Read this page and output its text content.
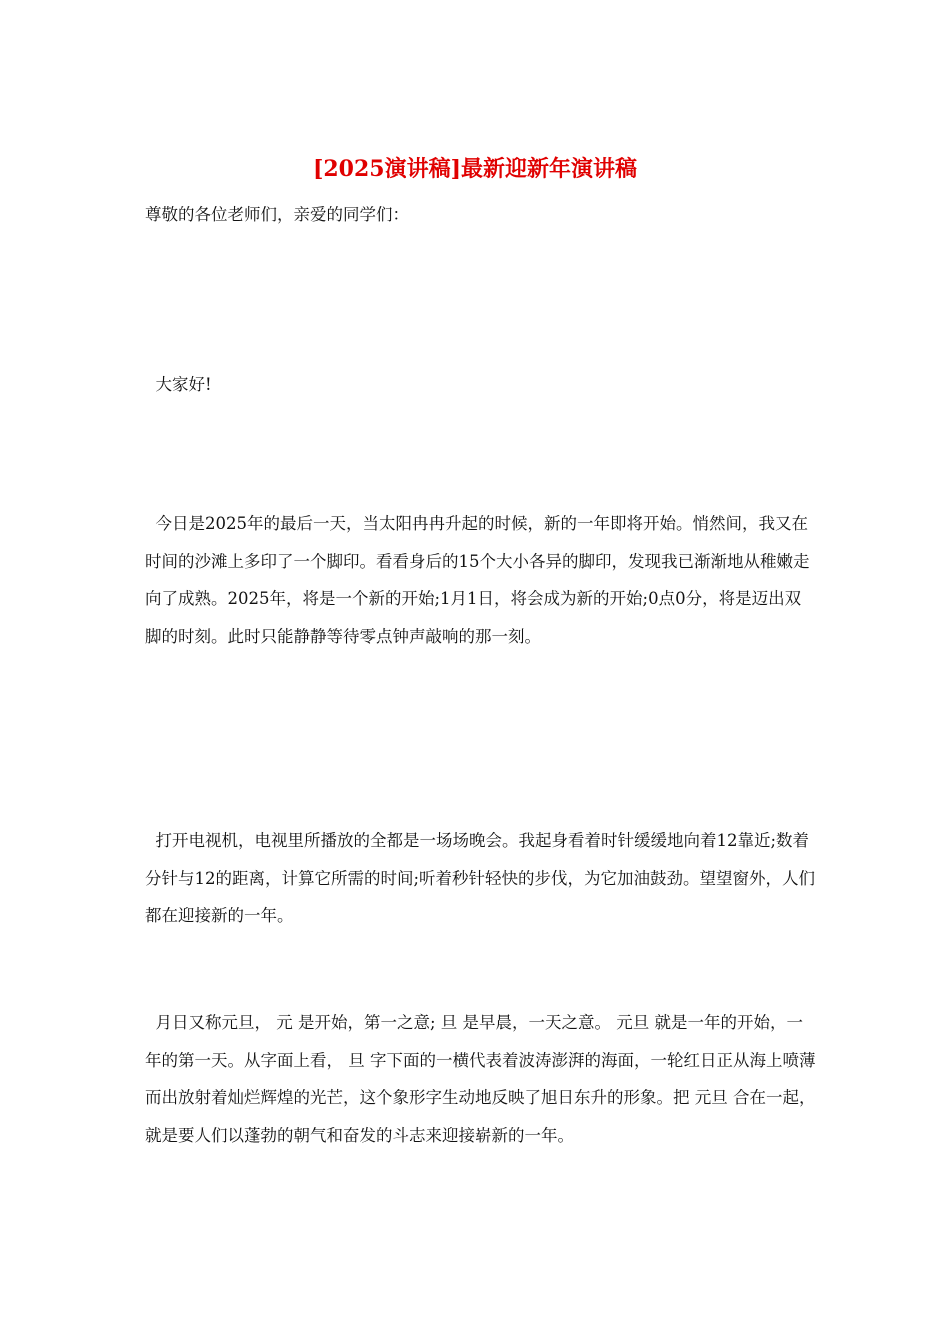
[2025演讲稿]最新迎新年演讲稿

尊敬的各位老师们，亲爱的同学们：

大家好!

今日是2025年的最后一天，当太阳冉冉升起的时候，新的一年即将开始。悄然间，我又在时间的沙滩上多印了一个脚印。看看身后的15个大小各异的脚印，发现我已渐渐地从稚嫩走向了成熟。2025年，将是一个新的开始;1月1日，将会成为新的开始;0点0分，将是迈出双脚的时刻。此时只能静静等待零点钟声敲响的那一刻。

打开电视机，电视里所播放的全都是一场场晚会。我起身看着时针缓缓地向着12靠近;数着分针与12的距离，计算它所需的时间;听着秒针轻快的步伐，为它加油鼓劲。望望窗外，人们都在迎接新的一年。

月日又称元旦， 元 是开始，第一之意; 旦 是早晨，一天之意。 元旦 就是一年的开始，一年的第一天。从字面上看， 旦 字下面的一横代表着波涛澎湃的海面，一轮红日正从海上喷薄而出放射着灿烂辉煌的光芒，这个象形字生动地反映了旭日东升的形象。把 元旦 合在一起，就是要人们以蓬勃的朝气和奋发的斗志来迎接崭新的一年。
